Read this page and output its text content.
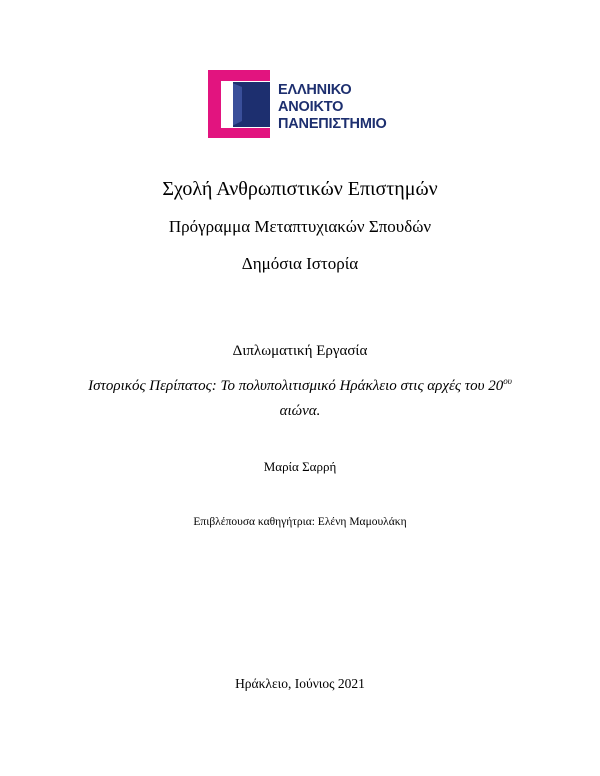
ΕΛΛΗΝΙΚΟ
ΑΝΟΙΚΤΟ
ΠΑΝΕΠΙΣΤΗΜΙΟ
Σχολή Ανθρωπιστικών Επιστημών
Πρόγραμμα Μεταπτυχιακών Σπουδών
Δημόσια Ιστορία
Διπλωματική Εργασία
Ιστορικός Περίπατος: Το πολυπολιτισμικό Ηράκλειο στις αρχές του $20^{o\upsilon}$
αιώνα.
Μαρία Σαρρή
Επιβλέπουσα καθηγήτρια: Ελένη Μαμουλάκη
Ηράκλειο, Ιούνιος 2021
